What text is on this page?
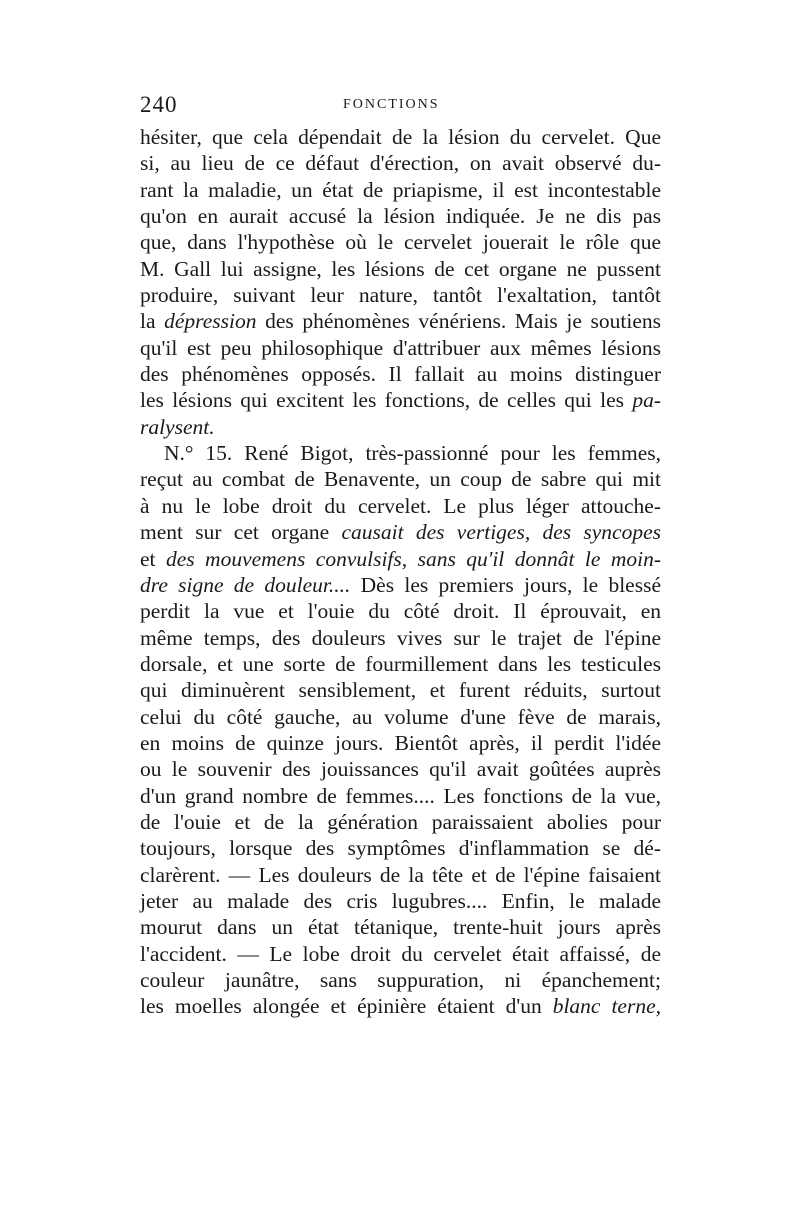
240	FONCTIONS
hésiter, que cela dépendait de la lésion du cervelet. Que
si, au lieu de ce défaut d'érection, on avait observé du-
rant la maladie, un état de priapisme, il est incontestable
qu'on en aurait accusé la lésion indiquée. Je ne dis pas
que, dans l'hypothèse où le cervelet jouerait le rôle que
M. Gall lui assigne, les lésions de cet organe ne pussent
produire, suivant leur nature, tantôt l'exaltation, tantôt
la dépression des phénomènes vénériens. Mais je soutiens
qu'il est peu philosophique d'attribuer aux mêmes lésions
des phénomènes opposés. Il fallait au moins distinguer
les lésions qui excitent les fonctions, de celles qui les pa-
ralysent.
N.° 15. René Bigot, très-passionné pour les femmes,
reçut au combat de Benavente, un coup de sabre qui mit
à nu le lobe droit du cervelet. Le plus léger attouche-
ment sur cet organe causait des vertiges, des syncopes
et des mouvemens convulsifs, sans qu'il donnât le moin-
dre signe de douleur.... Dès les premiers jours, le blessé
perdit la vue et l'ouie du côté droit. Il éprouvait, en
même temps, des douleurs vives sur le trajet de l'épine
dorsale, et une sorte de fourmillement dans les testicules
qui diminuèrent sensiblement, et furent réduits, surtout
celui du côté gauche, au volume d'une fève de marais,
en moins de quinze jours. Bientôt après, il perdit l'idée
ou le souvenir des jouissances qu'il avait goûtées auprès
d'un grand nombre de femmes.... Les fonctions de la vue,
de l'ouie et de la génération paraissaient abolies pour
toujours, lorsque des symptômes d'inflammation se dé-
clarèrent. — Les douleurs de la tête et de l'épine faisaient
jeter au malade des cris lugubres.... Enfin, le malade
mourut dans un état tétanique, trente-huit jours après
l'accident. — Le lobe droit du cervelet était affaissé, de
couleur jaunâtre, sans suppuration, ni épanchement;
les moelles alongée et épinière étaient d'un blanc terne,
